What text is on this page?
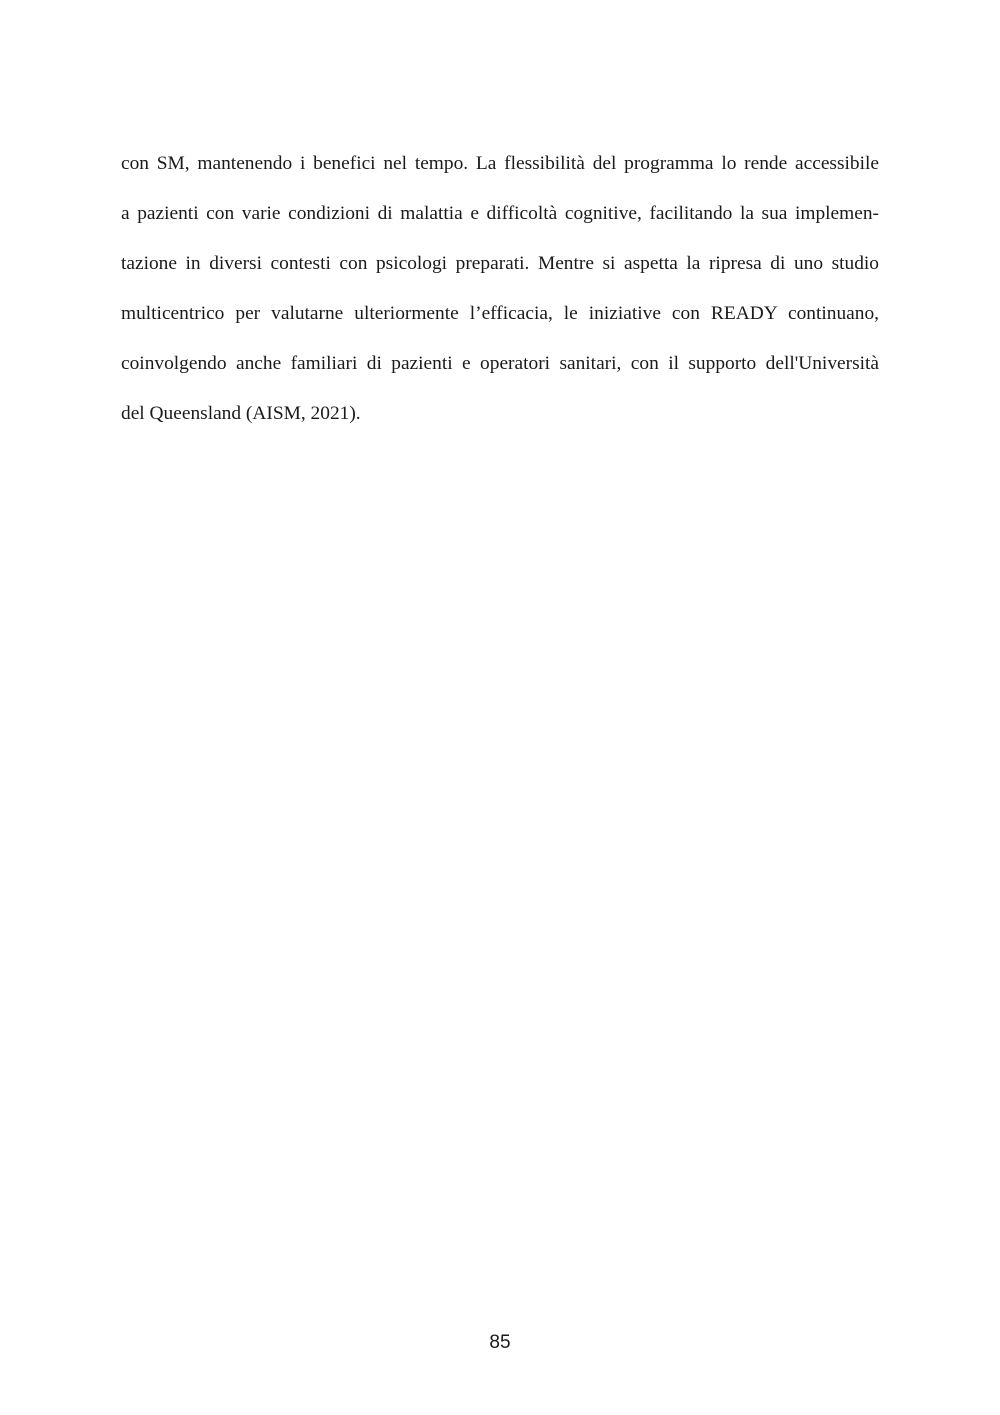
con SM, mantenendo i benefici nel tempo. La flessibilità del programma lo rende accessibile
a pazienti con varie condizioni di malattia e difficoltà cognitive, facilitando la sua implemen-
tazione in diversi contesti con psicologi preparati. Mentre si aspetta la ripresa di uno studio
multicentrico per valutarne ulteriormente l’efficacia, le iniziative con READY continuano,
coinvolgendo anche familiari di pazienti e operatori sanitari, con il supporto dell'Università
del Queensland (AISM, 2021).

85
